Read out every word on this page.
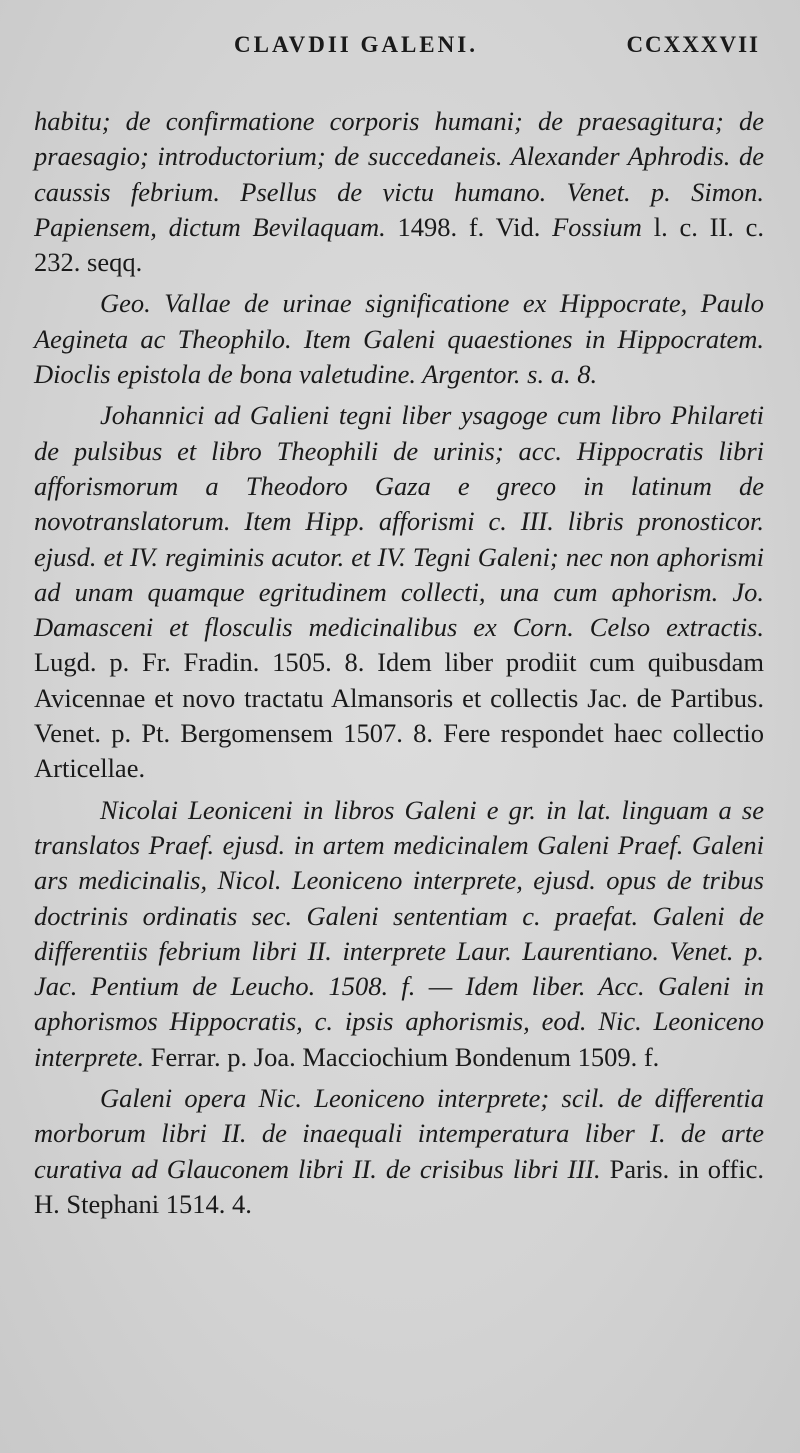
CLAVDII GALENI.	CCXXXVII

habitu; de confirmatione corporis humani; de praesagitura; de praesagio; introductorium; de succedaneis. Alexander Aphrodis. de caussis febrium. Psellus de victu humano. Venet. p. Simon. Papiensem, dictum Bevilaquam. 1498. f. Vid. Fossium l. c. II. c. 232. seqq.

Geo. Vallae de urinae significatione ex Hippocrate, Paulo Aegineta ac Theophilo. Item Galeni quaestiones in Hippocratem. Dioclis epistola de bona valetudine. Argentor. s. a. 8.

Johannici ad Galieni tegni liber ysagoge cum libro Philareti de pulsibus et libro Theophili de urinis; acc. Hippocratis libri afforismorum a Theodoro Gaza e greco in latinum de novotranslatorum. Item Hipp. afforismi c. III. libris pronosticor. ejusd. et IV. regiminis acutor. et IV. Tegni Galeni; nec non aphorismi ad unam quamque egritudinem collecti, una cum aphorism. Jo. Damasceni et flosculis medicinalibus ex Corn. Celso extractis. Lugd. p. Fr. Fradin. 1505. 8. Idem liber prodiit cum quibusdam Avicennae et novo tractatu Almansoris et collectis Jac. de Partibus. Venet. p. Pt. Bergomensem 1507. 8. Fere respondet haec collectio Articellae.

Nicolai Leoniceni in libros Galeni e gr. in lat. linguam a se translatos Praef. ejusd. in artem medicinalem Galeni Praef. Galeni ars medicinalis, Nicol. Leoniceno interprete, ejusd. opus de tribus doctrinis ordinatis sec. Galeni sententiam c. praefat. Galeni de differentiis febrium libri II. interprete Laur. Laurentiano. Venet. p. Jac. Pentium de Leucho. 1508. f. — Idem liber. Acc. Galeni in aphorismos Hippocratis, c. ipsis aphorismis, eod. Nic. Leoniceno interprete. Ferrar. p. Joa. Macciochium Bondenum 1509. f.

Galeni opera Nic. Leoniceno interprete; scil. de differentia morborum libri II. de inaequali intemperatura liber I. de arte curativa ad Glauconem libri II. de crisibus libri III. Paris. in offic. H. Stephani 1514. 4.
